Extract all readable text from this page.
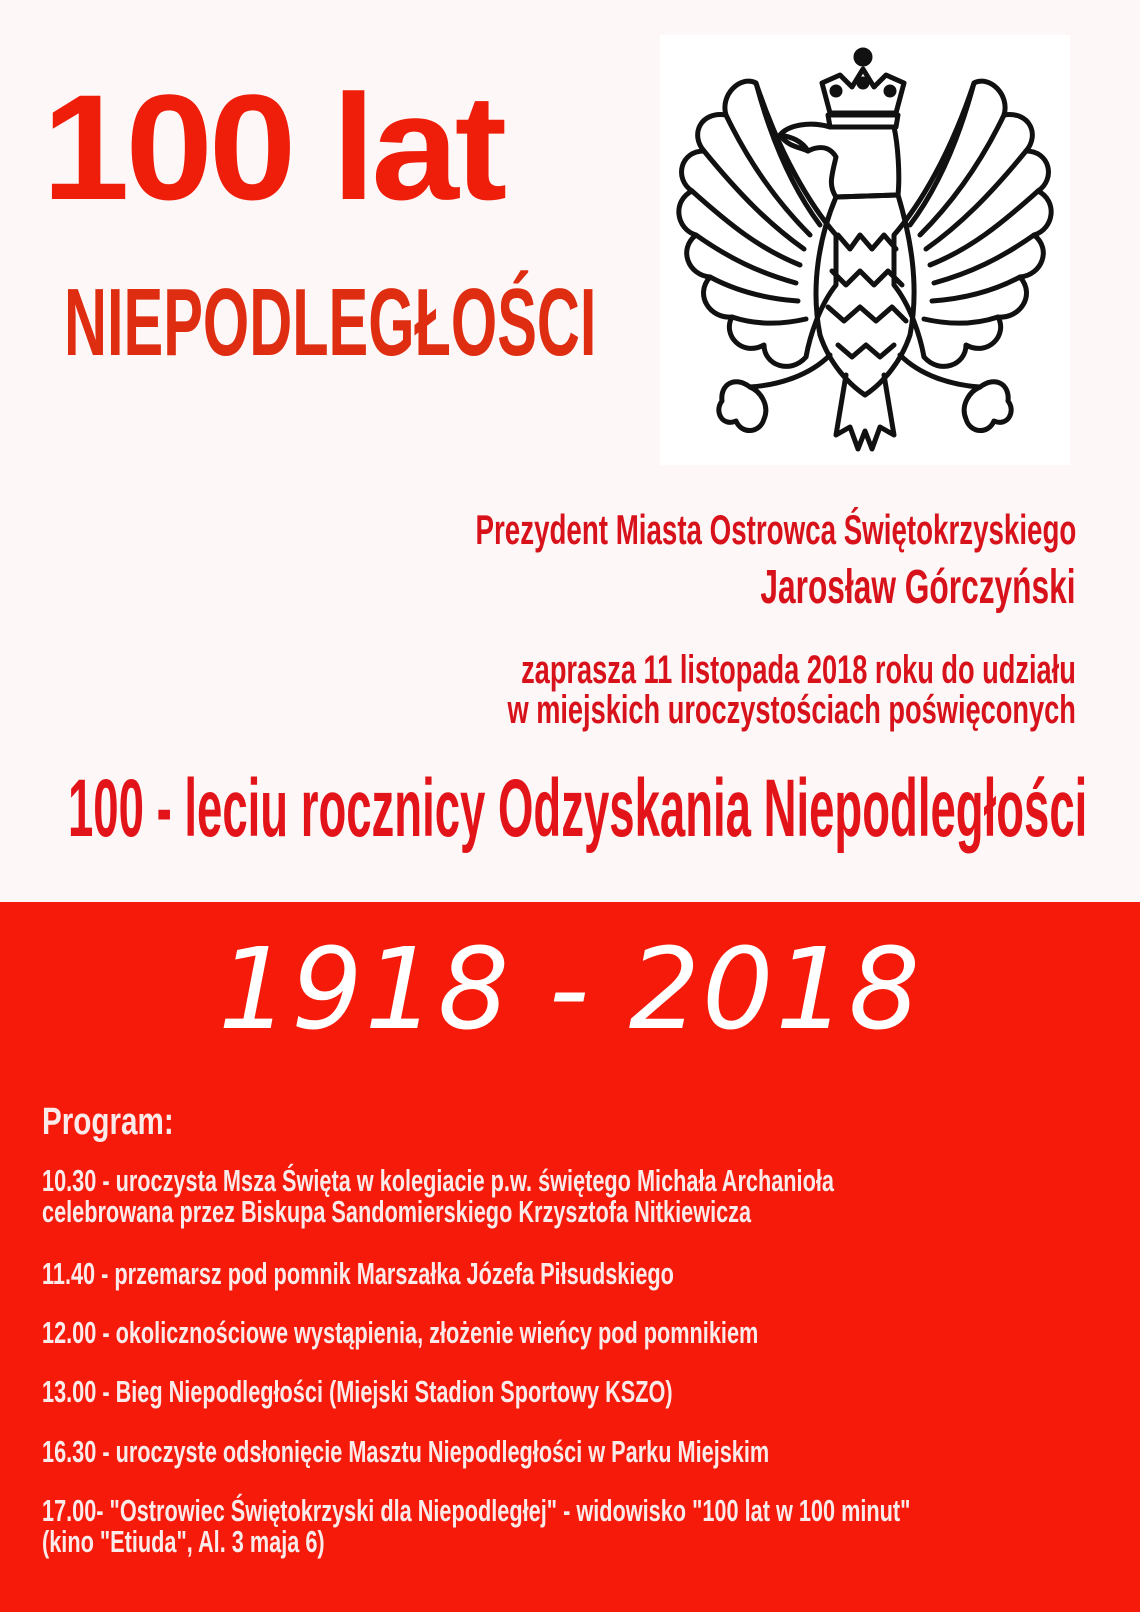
100 lat
NIEPODLEGŁOŚCI
Prezydent Miasta Ostrowca Świętokrzyskiego
Jarosław Górczyński
zaprasza 11 listopada 2018 roku do udziału
w miejskich uroczystościach poświęconych
100 - leciu rocznicy Odzyskania Niepodległości
1918 - 2018
Program:
10.30 - uroczysta Msza Święta w kolegiacie p.w. świętego Michała Archanioła
celebrowana przez Biskupa Sandomierskiego Krzysztofa Nitkiewicza
11.40 - przemarsz pod pomnik Marszałka Józefa Piłsudskiego
12.00 - okolicznościowe wystąpienia, złożenie wieńcy pod pomnikiem
13.00 - Bieg Niepodległości (Miejski Stadion Sportowy KSZO)
16.30 - uroczyste odsłonięcie Masztu Niepodległości w Parku Miejskim
17.00- "Ostrowiec Świętokrzyski dla Niepodległej" - widowisko "100 lat w 100 minut"
(kino "Etiuda", Al. 3 maja 6)
